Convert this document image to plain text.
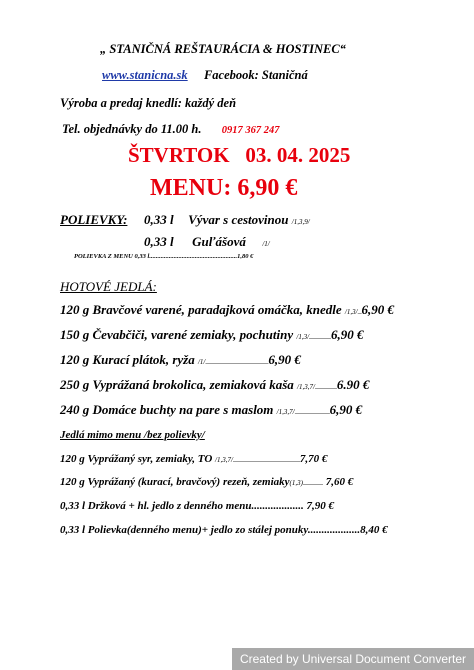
„ STANIČNÁ REŠTAURÁCIA & HOSTINEC“
www.stanicna.sk Facebook: Staničná
Výroba a predaj knedlí: každý deň
Tel. objednávky do 11.00 h. 0917 367 247
ŠTVRTOK   03. 04. 2025
MENU: 6,90 €
POLIEVKY: 0,33 l Vývar s cestovinou /1,3,9/
0,33 l Guľášová /1/
POLIEVKA Z MENU 0,33 l......................................................1,80 €
HOTOVÉ JEDLÁ:
120 g Bravčové varené, paradajková omáčka, knedle /1,3/....6,90 €
150 g Čevabčiči, varené zemiaky, pochutiny /1,3/......................6,90 €
120 g Kurací plátok, ryža /1/...............................................................6,90 €
250 g Vyprážaná brokolica, zemiaková kaša /1,3,7/......................6.90 €
240 g Domáce buchty na pare s maslom /1,3,7/...................................6,90 €
Jedlá mimo menu /bez polievky/
120 g Vyprážaný syr, zemiaky, TO /1,3,7/...................................................................7,70 €
120 g Vyprážaný (kurací, bravčový) rezeň, zemiaky(1,3).................... 7,60 €
0,33 l Držková + hl. jedlo z denného menu................... 7,90 €
0,33 l Polievka(denného menu)+ jedlo zo stálej ponuky...................8,40 €
Created by Universal Document Converter
